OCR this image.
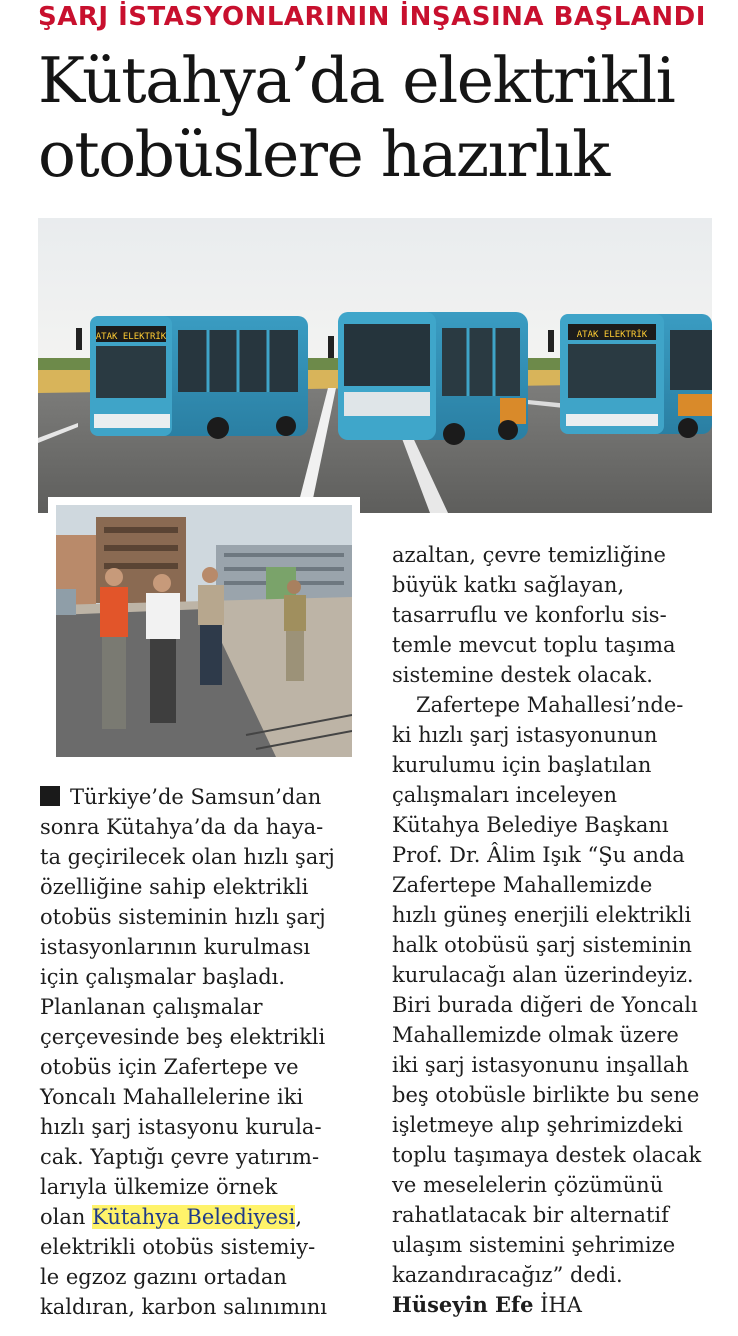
ŞARJ İSTASYONLARININ İNŞASINA BAŞLANDI
Kütahya’da elektrikli
otobüslere hazırlık
ATAK ELEKTRİK	ATAK ELEKTRİK

Türkiye’de Samsun’dan
sonra Kütahya’da da haya-
ta geçirilecek olan hızlı şarj
özelliğine sahip elektrikli
otobüs sisteminin hızlı şarj
istasyonlarının kurulması
için çalışmalar başladı.
Planlanan çalışmalar
çerçevesinde beş elektrikli
otobüs için Zafertepe ve
Yoncalı Mahallelerine iki
hızlı şarj istasyonu kurula-
cak. Yaptığı çevre yatırım-
larıyla ülkemize örnek
olan Kütahya Belediyesi,
elektrikli otobüs sistemiy-
le egzoz gazını ortadan
kaldıran, karbon salınımını

azaltan, çevre temizliğine
büyük katkı sağlayan,
tasarruflu ve konforlu sis-
temle mevcut toplu taşıma
sistemine destek olacak.

Zafertepe Mahallesi’nde-
ki hızlı şarj istasyonunun
kurulumu için başlatılan
çalışmaları inceleyen
Kütahya Belediye Başkanı
Prof. Dr. Âlim Işık “Şu anda
Zafertepe Mahallemizde
hızlı güneş enerjili elektrikli
halk otobüsü şarj sisteminin
kurulacağı alan üzerindeyiz.
Biri burada diğeri de Yoncalı
Mahallemizde olmak üzere
iki şarj istasyonunu inşallah
beş otobüsle birlikte bu sene
işletmeye alıp şehrimizdeki
toplu taşımaya destek olacak
ve meselelerin çözümünü
rahatlatacak bir alternatif
ulaşım sistemini şehrimize
kazandıracağız” dedi.

Hüseyin Efe İHA
